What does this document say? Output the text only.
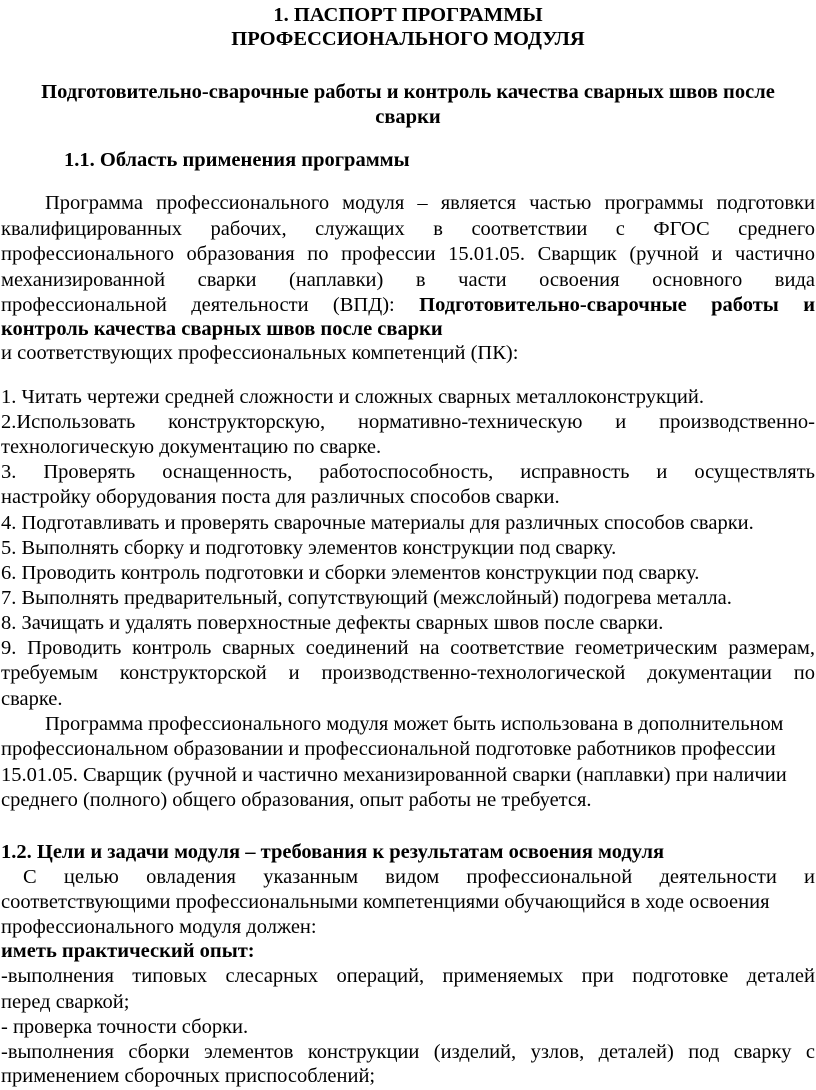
1. ПАСПОРТ ПРОГРАММЫ
ПРОФЕССИОНАЛЬНОГО МОДУЛЯ
Подготовительно-сварочные работы и контроль качества сварных швов после
сварки
1.1. Область применения программы
Программа профессионального модуля – является частью программы подготовки
квалифицированных рабочих, служащих в соответствии с ФГОС среднего
профессионального образования по профессии 15.01.05. Сварщик (ручной и частично
механизированной сварки (наплавки) в части освоения основного вида
профессиональной деятельности (ВПД): Подготовительно-сварочные работы и
контроль качества сварных швов после сварки
и соответствующих профессиональных компетенций (ПК):
1. Читать чертежи средней сложности и сложных сварных металлоконструкций.
2.Использовать конструкторскую, нормативно-техническую и производственно-
технологическую документацию по сварке.
3. Проверять оснащенность, работоспособность, исправность и осуществлять
настройку оборудования поста для различных способов сварки.
4. Подготавливать и проверять сварочные материалы для различных способов сварки.
5. Выполнять сборку и подготовку элементов конструкции под сварку.
6. Проводить контроль подготовки и сборки элементов конструкции под сварку.
7. Выполнять предварительный, сопутствующий (межслойный) подогрева металла.
8. Зачищать и удалять поверхностные дефекты сварных швов после сварки.
9. Проводить контроль сварных соединений на соответствие геометрическим размерам,
требуемым конструкторской и производственно-технологической документации по
сварке.
Программа профессионального модуля может быть использована в дополнительном
профессиональном образовании и профессиональной подготовке работников профессии
15.01.05. Сварщик (ручной и частично механизированной сварки (наплавки) при наличии
среднего (полного) общего образования, опыт работы не требуется.
1.2. Цели и задачи модуля – требования к результатам освоения модуля
С целью овладения указанным видом профессиональной деятельности и
соответствующими профессиональными компетенциями обучающийся в ходе освоения
профессионального модуля должен:
иметь практический опыт:
-выполнения типовых слесарных операций, применяемых при подготовке деталей
перед сваркой;
- проверка точности сборки.
-выполнения сборки элементов конструкции (изделий, узлов, деталей) под сварку с
применением сборочных приспособлений;
